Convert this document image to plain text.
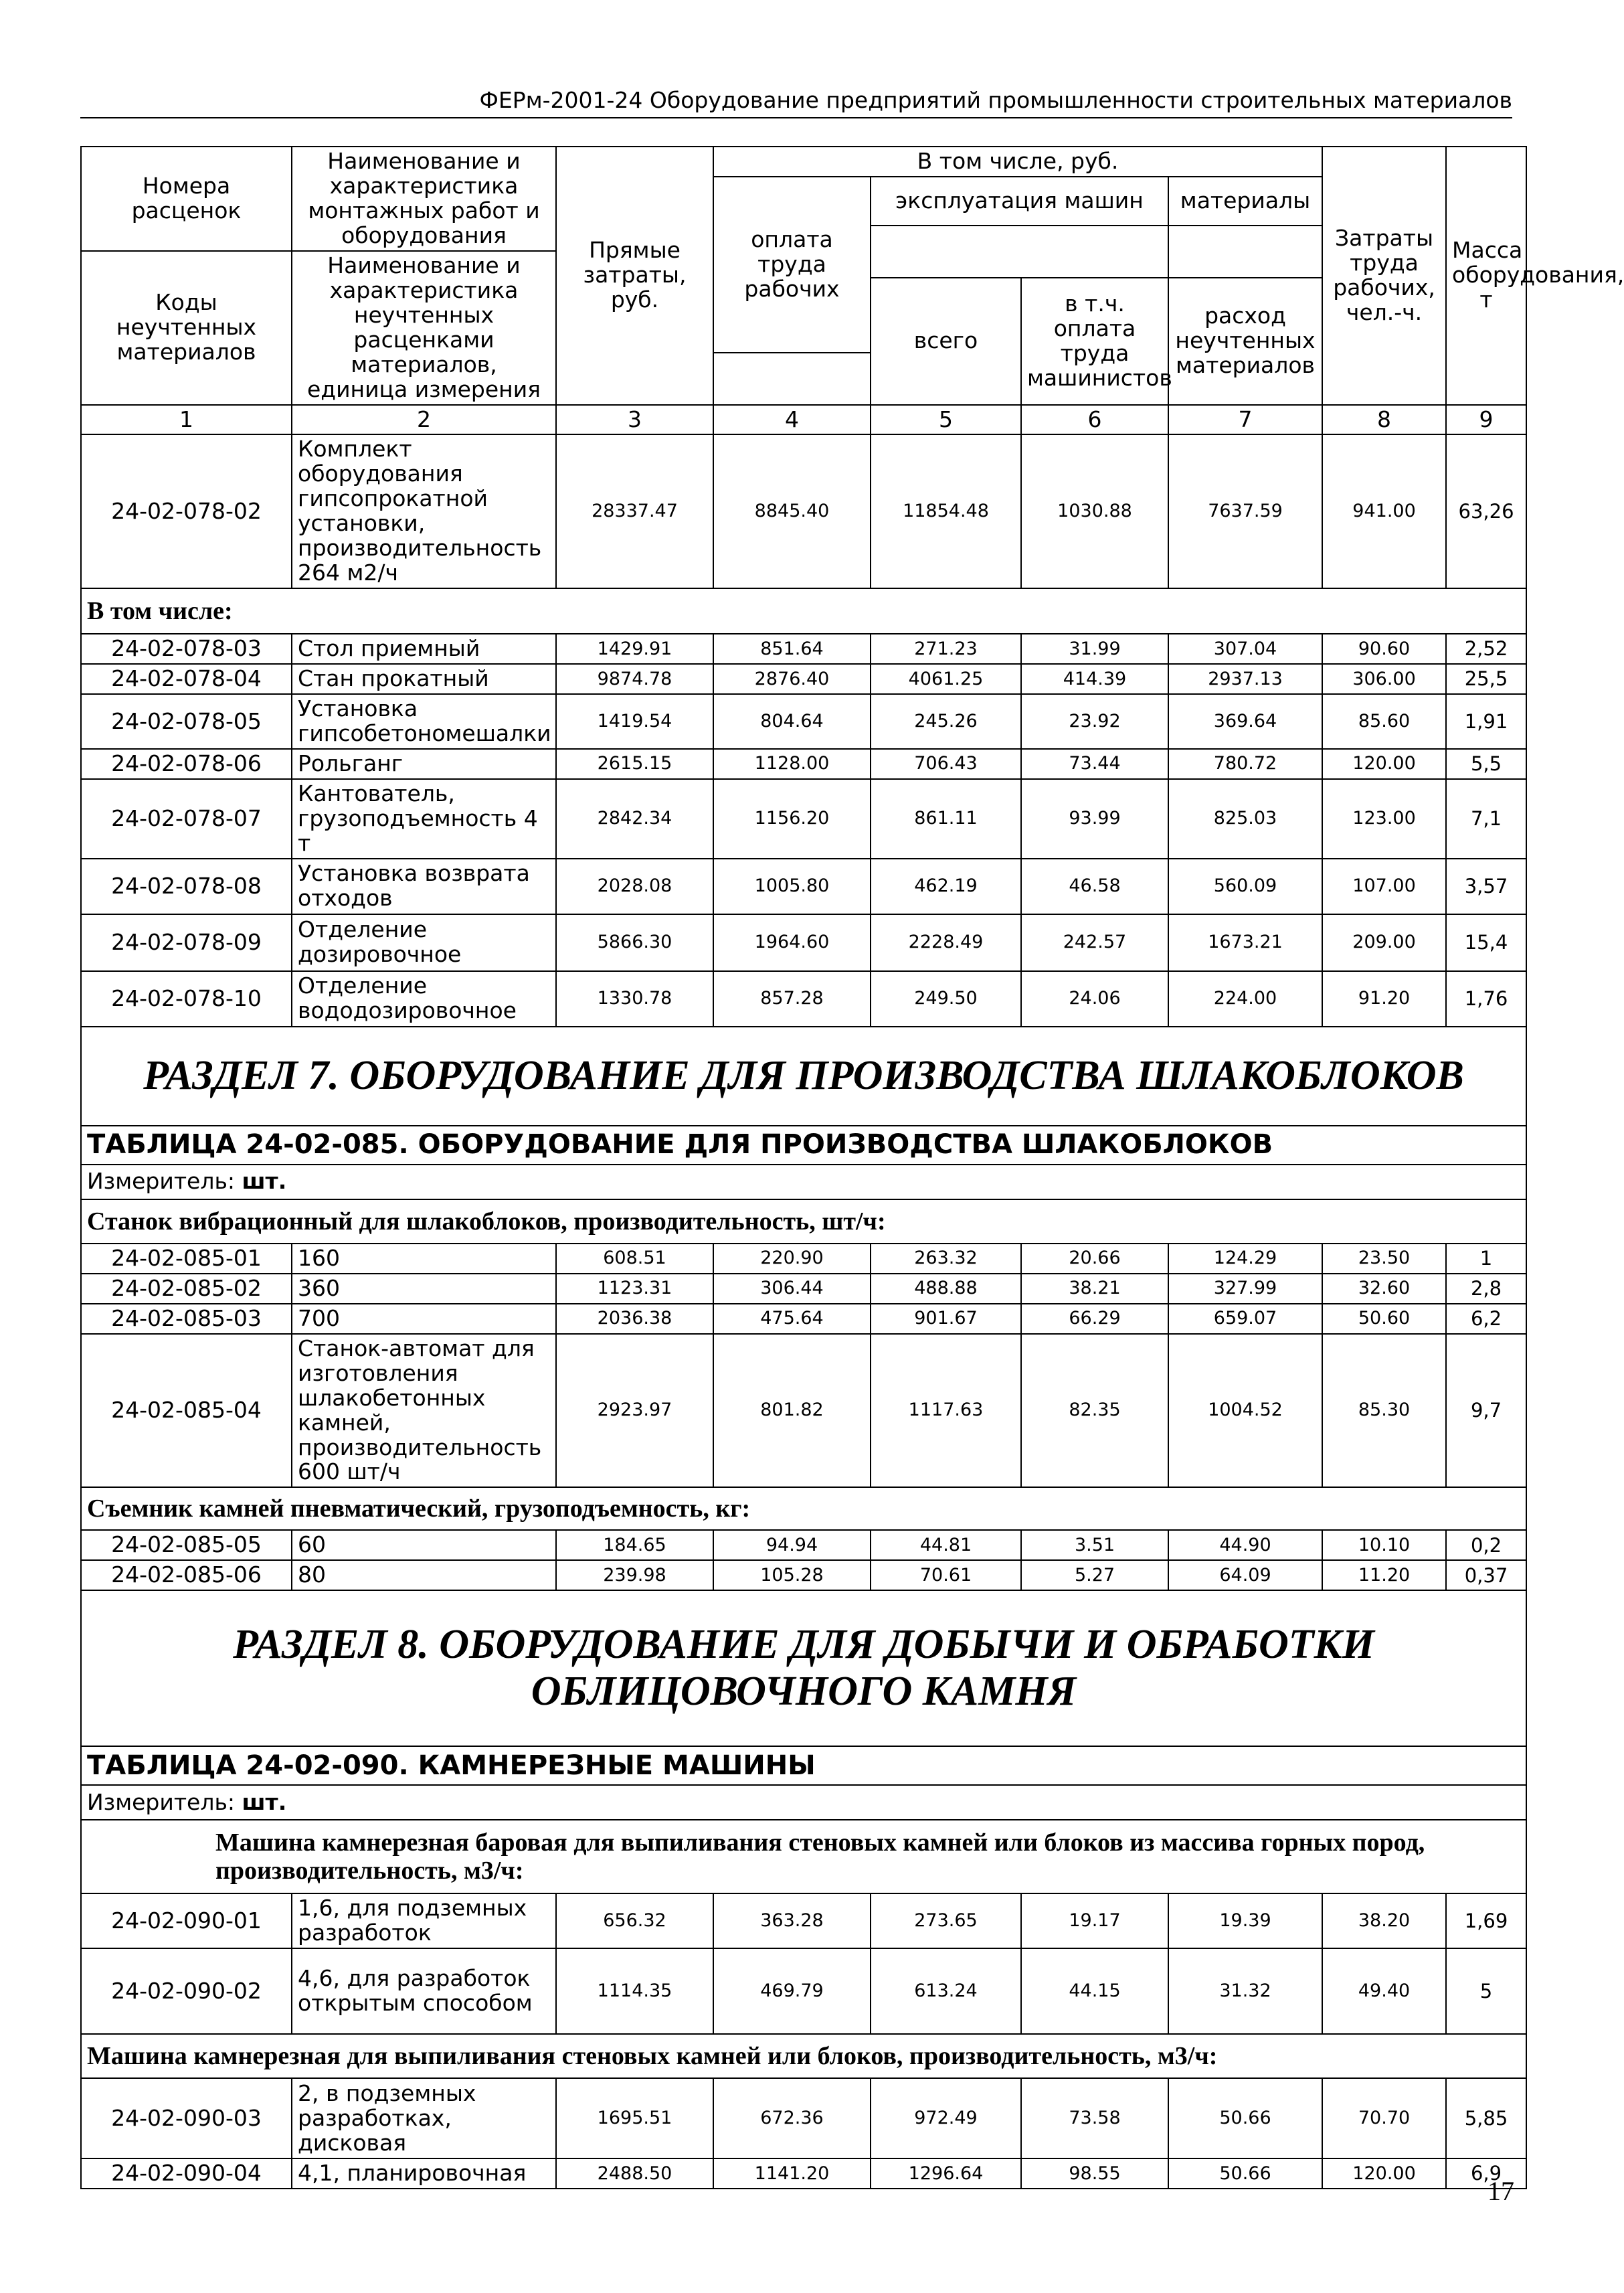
ФЕРм-2001-24 Оборудование предприятий промышленности строительных материалов
Номера расценок	Наименование и характеристика монтажных работ и оборудования	Прямые затраты, руб.	В том числе, руб.				Затраты труда рабочих, чел.-ч.	Масса оборудования, т
			оплата труда рабочих	эксплуатация машин		материалы		

Коды неучтенных материалов	Наименование и характеристика неучтенных расценками материалов, единица измерения							
				всего	в т.ч. оплата труда машинистов	расход неучтенных материалов		

1	2	3	4	5	6	7	8	9
24-02-078-02	Комплект оборудования гипсопрокатной установки, производительность 264 м2/ч	28337.47	8845.40	11854.48	1030.88	7637.59	941.00	63,26
В том числе:								
24-02-078-03	Стол приемный	1429.91	851.64	271.23	31.99	307.04	90.60	2,52
24-02-078-04	Стан прокатный	9874.78	2876.40	4061.25	414.39	2937.13	306.00	25,5
24-02-078-05	Установка гипсобетономешалки	1419.54	804.64	245.26	23.92	369.64	85.60	1,91
24-02-078-06	Рольганг	2615.15	1128.00	706.43	73.44	780.72	120.00	5,5
24-02-078-07	Кантователь, грузоподъемность 4 т	2842.34	1156.20	861.11	93.99	825.03	123.00	7,1
24-02-078-08	Установка возврата отходов	2028.08	1005.80	462.19	46.58	560.09	107.00	3,57
24-02-078-09	Отделение дозировочное	5866.30	1964.60	2228.49	242.57	1673.21	209.00	15,4
24-02-078-10	Отделение вододозировочное	1330.78	857.28	249.50	24.06	224.00	91.20	1,76
РАЗДЕЛ 7. ОБОРУДОВАНИЕ ДЛЯ ПРОИЗВОДСТВА ШЛАКОБЛОКОВ								
ТАБЛИЦА 24-02-085. ОБОРУДОВАНИЕ ДЛЯ ПРОИЗВОДСТВА ШЛАКОБЛОКОВ								
Измеритель: шт.								
Станок вибрационный для шлакоблоков, производительность, шт/ч:								
24-02-085-01	160	608.51	220.90	263.32	20.66	124.29	23.50	1
24-02-085-02	360	1123.31	306.44	488.88	38.21	327.99	32.60	2,8
24-02-085-03	700	2036.38	475.64	901.67	66.29	659.07	50.60	6,2
24-02-085-04	Станок-автомат для изготовления шлакобетонных камней, производительность 600 шт/ч	2923.97	801.82	1117.63	82.35	1004.52	85.30	9,7
Съемник камней пневматический, грузоподъемность, кг:								
24-02-085-05	60	184.65	94.94	44.81	3.51	44.90	10.10	0,2
24-02-085-06	80	239.98	105.28	70.61	5.27	64.09	11.20	0,37
РАЗДЕЛ 8. ОБОРУДОВАНИЕ ДЛЯ ДОБЫЧИ И ОБРАБОТКИ ОБЛИЦОВОЧНОГО КАМНЯ								
ТАБЛИЦА 24-02-090. КАМНЕРЕЗНЫЕ МАШИНЫ								
Измеритель: шт.								
Машина камнерезная баровая для выпиливания стеновых камней или блоков из массива горных пород, производительность, м3/ч:								
24-02-090-01	1,6, для подземных разработок	656.32	363.28	273.65	19.17	19.39	38.20	1,69
24-02-090-02	4,6, для разработок открытым способом	1114.35	469.79	613.24	44.15	31.32	49.40	5
Машина камнерезная для выпиливания стеновых камней или блоков, производительность, м3/ч:								
24-02-090-03	2, в подземных разработках, дисковая	1695.51	672.36	972.49	73.58	50.66	70.70	5,85
24-02-090-04	4,1, планировочная	2488.50	1141.20	1296.64	98.55	50.66	120.00	6,9
17
